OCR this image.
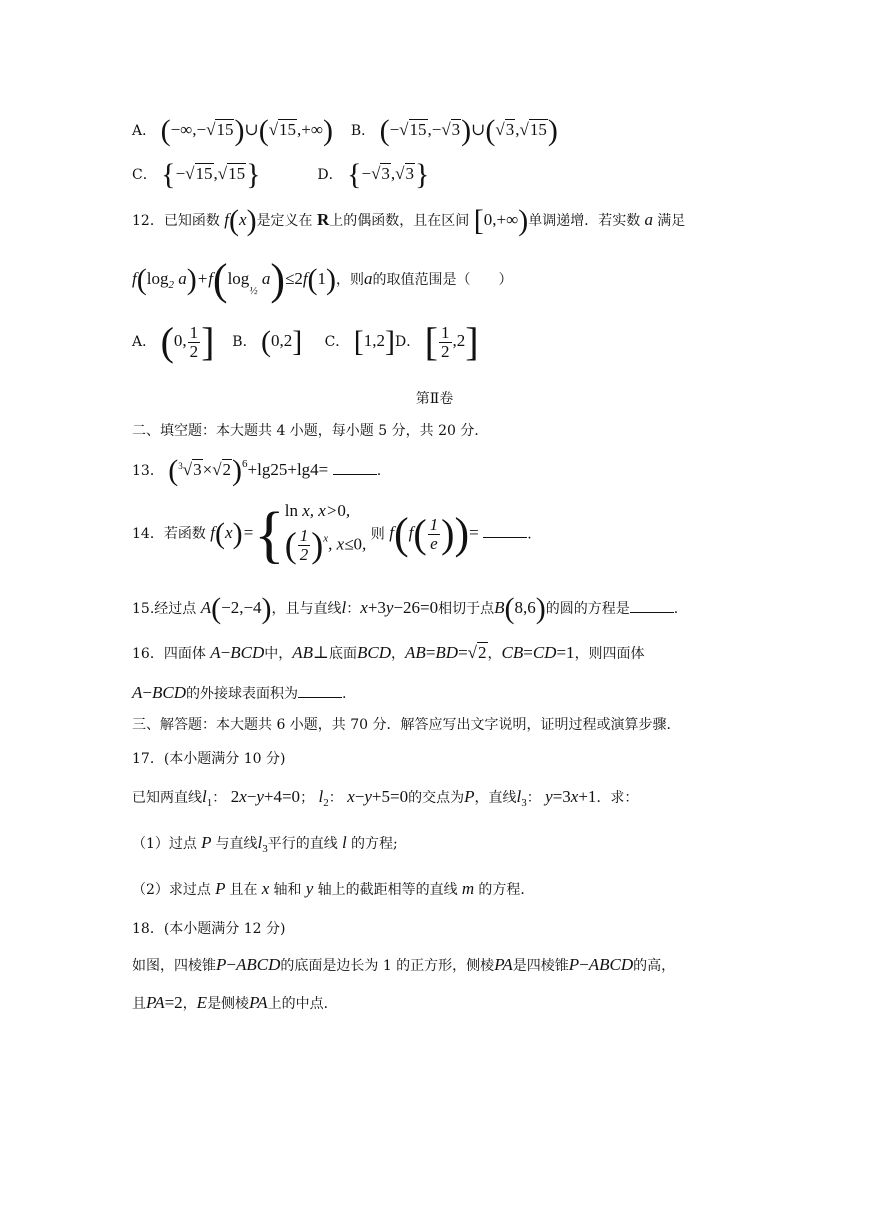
A． (−∞,−√15)∪(√15,+∞) B． (−√15,−√3)∪(√3,√15)
C． {−√15,√15}	D． {−√3,√3}
12．已知函数 f(x)是定义在 R上的偶函数，且在区间 [0,+∞)单调递增．若实数 a 满足
$f(\log_2$ $a)+f(\log_{\frac{1}{2}}$ a)≤2f(1)，则a的取值范围是（　　）
A． (0, $\frac{1}{2}$ ] B． (0,2] C． [1,2]D． [ $\frac{1}{2} ,2$]
第Ⅱ卷
二、填空题：本大题共 4 小题，每小题 5 分，共 20 分．
13． $(^3√3\times√2)^6+\lg 25+\lg 4=$	.
14．若函数 f(x)={ ln x, x>0,
( $\frac{1}{2} )^x$, x≤0, 则 $f(f( \frac{1}{e}$ ))=	.
15.经过点 A(−2,−4)，且与直线l：x+3y−26=0相切于点B(8,6)的圆的方程是	.
16．四面体 A−BCD中，AB⊥底面BCD，AB=BD=√2，CB=CD=1，则四面体
A−BCD的外接球表面积为	.
三、解答题：本大题共 6 小题，共 70 分．解答应写出文字说明，证明过程或演算步骤．
17．(本小题满分 10 分)
已知两直线$l_1$： 2x−y+4=0； $l_2$： x−y+5=0的交点为P，直线$l_3$： y=3x+1．求：
（1）过点 P 与直线$l_3$平行的直线 l 的方程;
（2）求过点 P 且在 x 轴和 y 轴上的截距相等的直线 m 的方程．
18．(本小题满分 12 分)
如图，四棱锥P−ABCD的底面是边长为 1 的正方形，侧棱PA是四棱锥P−ABCD的高，
且PA=2，E是侧棱PA上的中点．
